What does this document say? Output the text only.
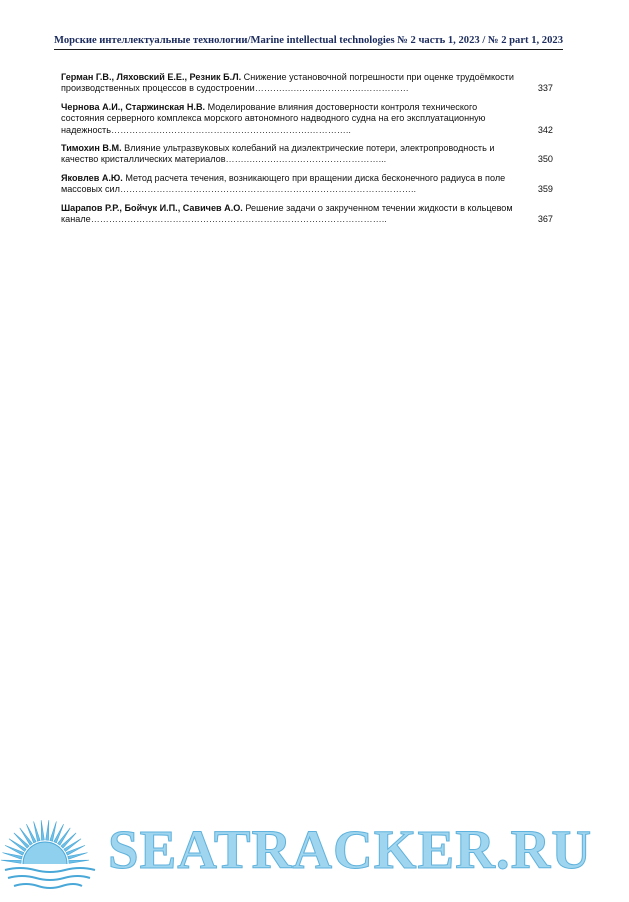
Морские интеллектуальные технологии/Marine intellectual technologies № 2 часть 1, 2023 / № 2 part 1, 2023
Герман Г.В., Ляховский Е.Е., Резник Б.Л. Снижение установочной погрешности при оценке трудоёмкости производственных процессов в судостроении……….….….…..……….….……………	337
Чернова А.И., Старжинская Н.В. Моделирование влияния достоверности контроля технического состояния серверного комплекса морского автономного надводного судна на его эксплуатационную надежность…………….……………………………….………….…………..	342
Тимохин В.М. Влияние ультразвуковых колебаний на диэлектрические потери, электропроводность и качество кристаллических материалов…….….…….……………………………...	350
Яковлев А.Ю. Метод расчета течения, возникающего при вращении диска бесконечного радиуса в поле массовых сил……………………………………………………………………………………..	359
Шарапов Р.Р., Бойчук И.П., Савичев А.О. Решение задачи о закрученном течении жидкости в кольцевом канале……………………………………………………………………………………..	367
SEATRACKER.RU
